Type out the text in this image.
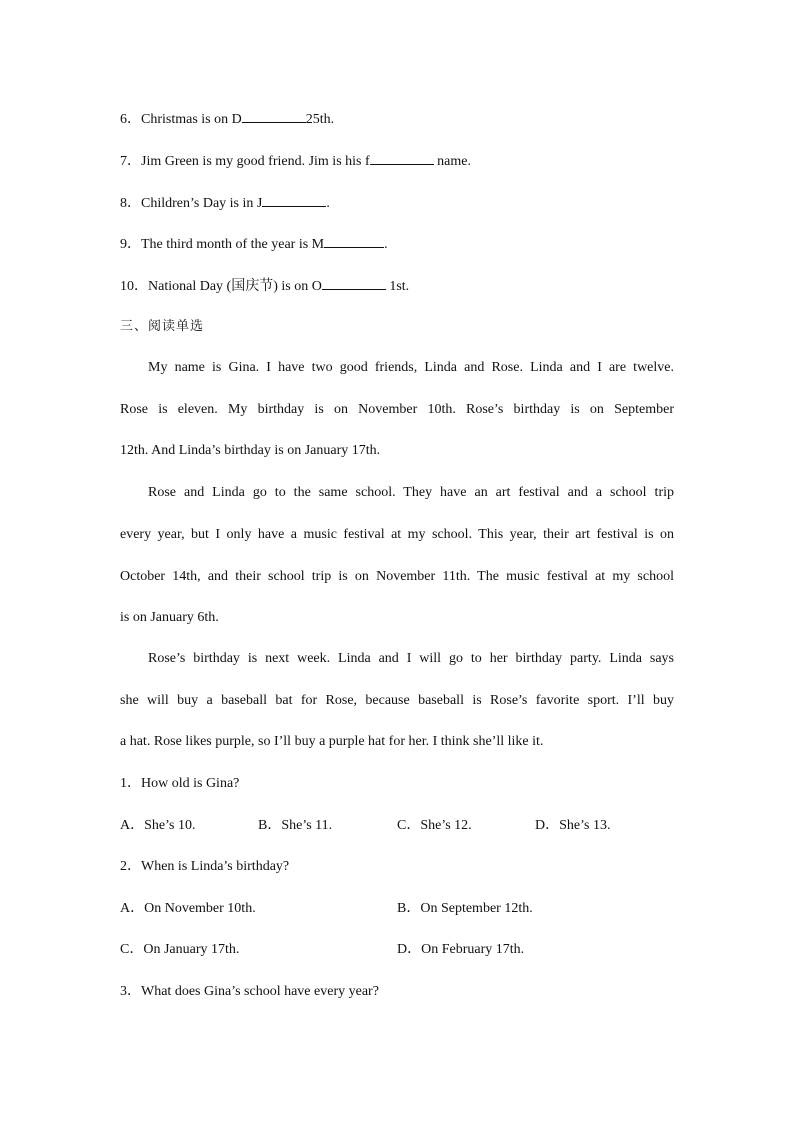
6．Christmas is on D	25th.
7．Jim Green is my good friend. Jim is his f	name.
8．Children’s Day is in J	.
9．The third month of the year is M	.
10．National Day (国庆节) is on O	1st.
三、阅读单选
My name is Gina. I have two good friends, Linda and Rose. Linda and I are twelve.
Rose is eleven. My birthday is on November 10th. Rose’s birthday is on September
12th. And Linda’s birthday is on January 17th.
Rose and Linda go to the same school. They have an art festival and a school trip
every year, but I only have a music festival at my school. This year, their art festival is on
October 14th, and their school trip is on November 11th. The music festival at my school
is on January 6th.
Rose’s birthday is next week. Linda and I will go to her birthday party. Linda says
she will buy a baseball bat for Rose, because baseball is Rose’s favorite sport. I’ll buy
a hat. Rose likes purple, so I’ll buy a purple hat for her. I think she’ll like it.
1．How old is Gina?
A．She’s 10.	B．She’s 11.	C．She’s 12.	D．She’s 13.
2．When is Linda’s birthday?
A．On November 10th.	B．On September 12th.
C．On January 17th.	D．On February 17th.
3．What does Gina’s school have every year?
